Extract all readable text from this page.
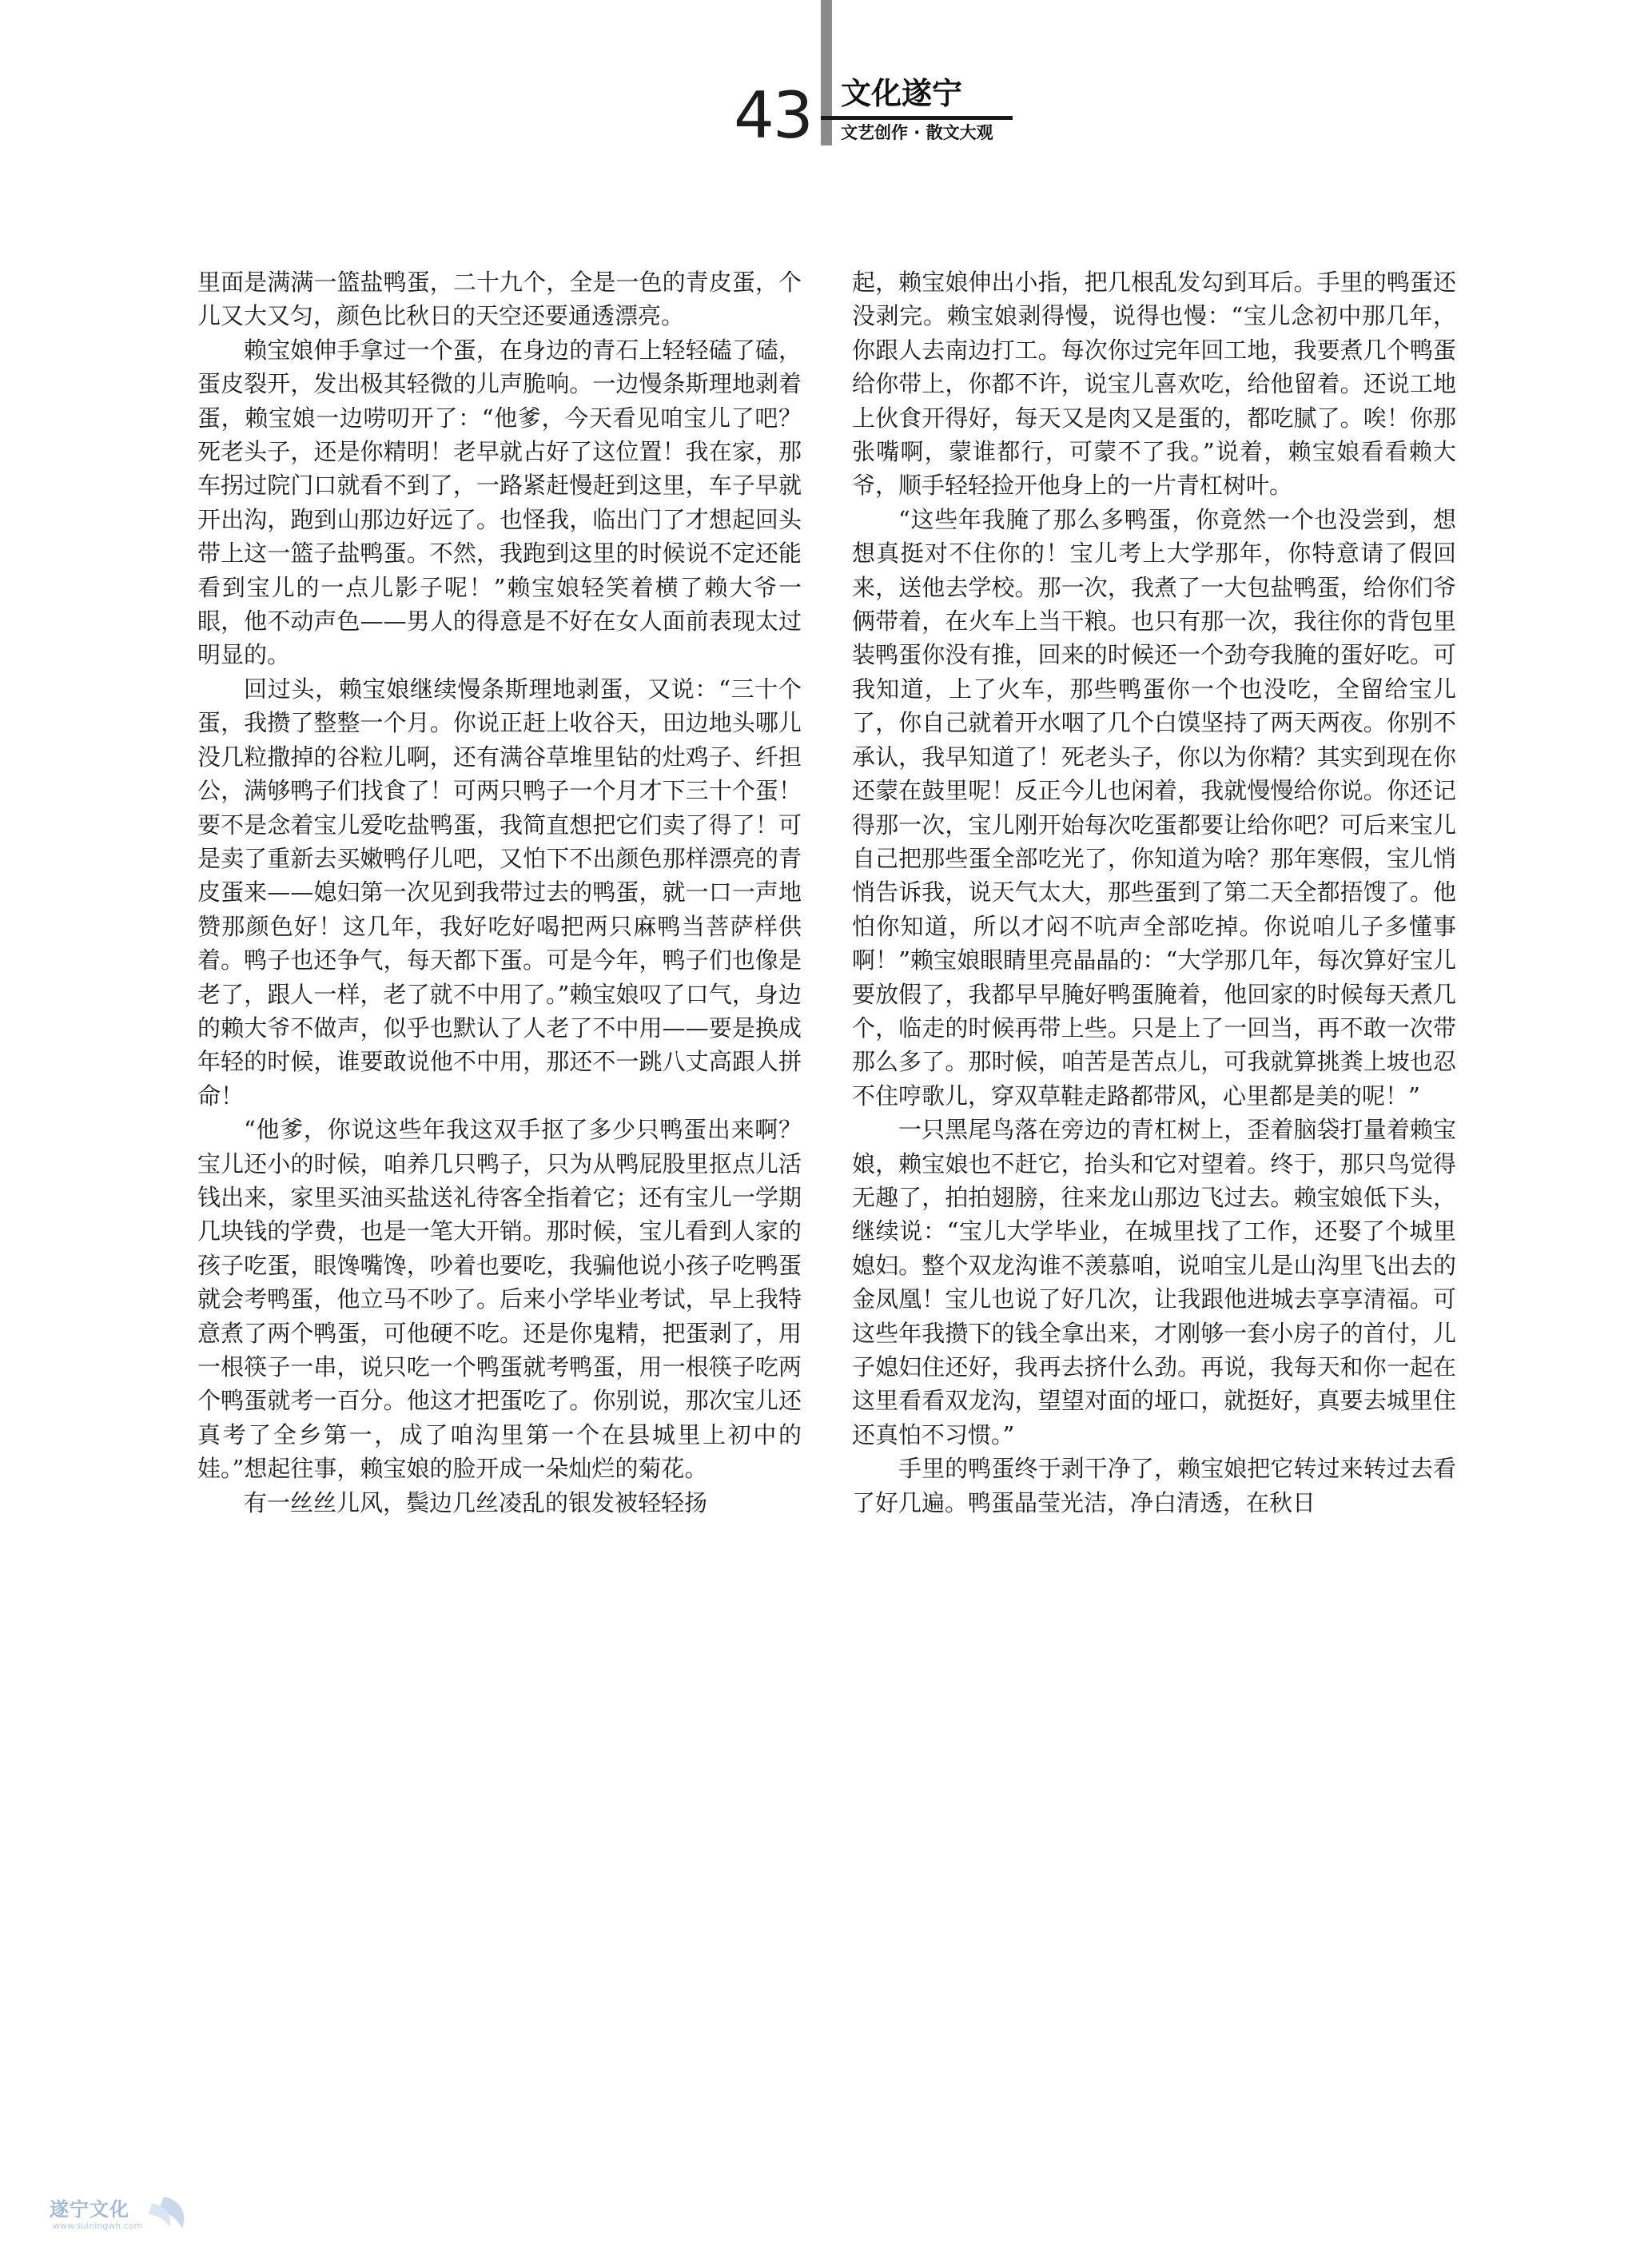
43 文化遂宁
文艺创作 · 散文大观

里面是满满一篮盐鸭蛋，二十九个，全是一色的青皮蛋，个儿又大又匀，颜色比秋日的天空还要通透漂亮。

赖宝娘伸手拿过一个蛋，在身边的青石上轻轻磕了磕，蛋皮裂开，发出极其轻微的儿声脆响。一边慢条斯理地剥着蛋，赖宝娘一边唠叨开了：“他爹，今天看见咱宝儿了吧？死老头子，还是你精明！老早就占好了这位置！我在家，那车拐过院门口就看不到了，一路紧赶慢赶到这里，车子早就开出沟，跑到山那边好远了。也怪我，临出门了才想起回头带上这一篮子盐鸭蛋。不然，我跑到这里的时候说不定还能看到宝儿的一点儿影子呢！”赖宝娘轻笑着横了赖大爷一眼，他不动声色——男人的得意是不好在女人面前表现太过明显的。

回过头，赖宝娘继续慢条斯理地剥蛋，又说：“三十个蛋，我攒了整整一个月。你说正赶上收谷天，田边地头哪儿没几粒撒掉的谷粒儿啊，还有满谷草堆里钻的灶鸡子、纤担公，满够鸭子们找食了！可两只鸭子一个月才下三十个蛋！要不是念着宝儿爱吃盐鸭蛋，我简直想把它们卖了得了！可是卖了重新去买嫩鸭仔儿吧，又怕下不出颜色那样漂亮的青皮蛋来——媳妇第一次见到我带过去的鸭蛋，就一口一声地赞那颜色好！这几年，我好吃好喝把两只麻鸭当菩萨样供着。鸭子也还争气，每天都下蛋。可是今年，鸭子们也像是老了，跟人一样，老了就不中用了。”赖宝娘叹了口气，身边的赖大爷不做声，似乎也默认了人老了不中用——要是换成年轻的时候，谁要敢说他不中用，那还不一跳八丈高跟人拼命！

“他爹，你说这些年我这双手抠了多少只鸭蛋出来啊？宝儿还小的时候，咱养几只鸭子，只为从鸭屁股里抠点儿活钱出来，家里买油买盐送礼待客全指着它；还有宝儿一学期几块钱的学费，也是一笔大开销。那时候，宝儿看到人家的孩子吃蛋，眼馋嘴馋，吵着也要吃，我骗他说小孩子吃鸭蛋就会考鸭蛋，他立马不吵了。后来小学毕业考试，早上我特意煮了两个鸭蛋，可他硬不吃。还是你鬼精，把蛋剥了，用一根筷子一串，说只吃一个鸭蛋就考鸭蛋，用一根筷子吃两个鸭蛋就考一百分。他这才把蛋吃了。你别说，那次宝儿还真考了全乡第一，成了咱沟里第一个在县城里上初中的娃。”想起往事，赖宝娘的脸开成一朵灿烂的菊花。

有一丝丝儿风，鬓边几丝凌乱的银发被轻轻扬

起，赖宝娘伸出小指，把几根乱发勾到耳后。手里的鸭蛋还没剥完。赖宝娘剥得慢，说得也慢：“宝儿念初中那几年，你跟人去南边打工。每次你过完年回工地，我要煮几个鸭蛋给你带上，你都不许，说宝儿喜欢吃，给他留着。还说工地上伙食开得好，每天又是肉又是蛋的，都吃腻了。唉！你那张嘴啊，蒙谁都行，可蒙不了我。”说着，赖宝娘看看赖大爷，顺手轻轻捡开他身上的一片青杠树叶。

“这些年我腌了那么多鸭蛋，你竟然一个也没尝到，想想真挺对不住你的！宝儿考上大学那年，你特意请了假回来，送他去学校。那一次，我煮了一大包盐鸭蛋，给你们爷俩带着，在火车上当干粮。也只有那一次，我往你的背包里装鸭蛋你没有推，回来的时候还一个劲夸我腌的蛋好吃。可我知道，上了火车，那些鸭蛋你一个也没吃，全留给宝儿了，你自己就着开水咽了几个白馍坚持了两天两夜。你别不承认，我早知道了！死老头子，你以为你精？其实到现在你还蒙在鼓里呢！反正今儿也闲着，我就慢慢给你说。你还记得那一次，宝儿刚开始每次吃蛋都要让给你吧？可后来宝儿自己把那些蛋全部吃光了，你知道为啥？那年寒假，宝儿悄悄告诉我，说天气太大，那些蛋到了第二天全都捂馊了。他怕你知道，所以才闷不吭声全部吃掉。你说咱儿子多懂事啊！”赖宝娘眼睛里亮晶晶的：“大学那几年，每次算好宝儿要放假了，我都早早腌好鸭蛋腌着，他回家的时候每天煮几个，临走的时候再带上些。只是上了一回当，再不敢一次带那么多了。那时候，咱苦是苦点儿，可我就算挑粪上坡也忍不住哼歌儿，穿双草鞋走路都带风，心里都是美的呢！”

一只黑尾鸟落在旁边的青杠树上，歪着脑袋打量着赖宝娘，赖宝娘也不赶它，抬头和它对望着。终于，那只鸟觉得无趣了，拍拍翅膀，往来龙山那边飞过去。赖宝娘低下头，继续说：“宝儿大学毕业，在城里找了工作，还娶了个城里媳妇。整个双龙沟谁不羡慕咱，说咱宝儿是山沟里飞出去的金凤凰！宝儿也说了好几次，让我跟他进城去享享清福。可这些年我攒下的钱全拿出来，才刚够一套小房子的首付，儿子媳妇住还好，我再去挤什么劲。再说，我每天和你一起在这里看看双龙沟，望望对面的垭口，就挺好，真要去城里住还真怕不习惯。”

手里的鸭蛋终于剥干净了，赖宝娘把它转过来转过去看了好几遍。鸭蛋晶莹光洁，净白清透，在秋日

遂宁文化
www.suiningwh.com
